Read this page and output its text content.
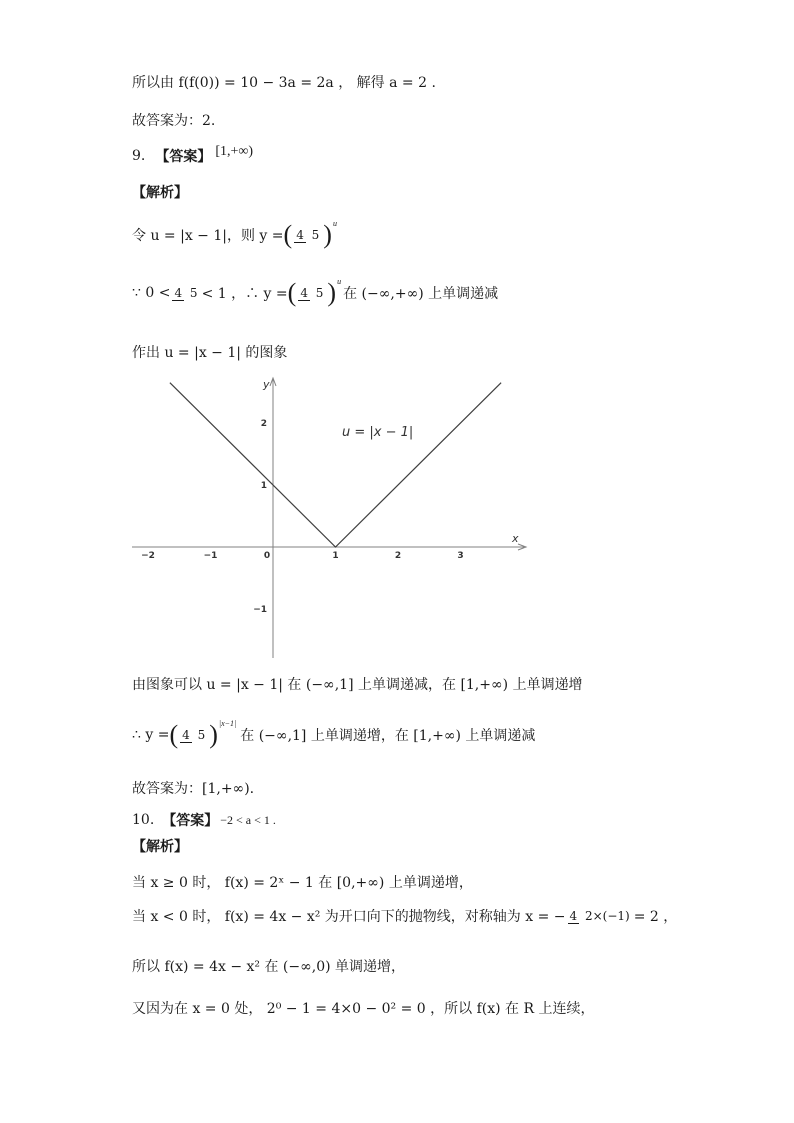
所以由 f(f(0)) = 10 − 3a = 2a ， 解得 a = 2 .
故答案为：2.
9. 【答案】 [1,+∞)
【解析】
令 u = |x − 1|，则 y = ( 4 5 ) u
∵ 0 < 4 5 < 1 ，∴ y = ( 4 5 ) u
在 (−∞,+∞) 上单调递减
作出 u = |x − 1| 的图象
x
y
−2	−1	0	1	2	3
2
1
−1
u = |x − 1|
由图象可以 u = |x − 1| 在 (−∞,1] 上单调递减，在 [1,+∞) 上单调递增
∴ y = ( 4 5 ) |x−1|
在 (−∞,1] 上单调递增，在 [1,+∞) 上单调递减
故答案为：[1,+∞).
10. 【答案】 −2 < a < 1 .
【解析】
当 x ≥ 0 时， f(x) = 2ˣ − 1 在 [0,+∞) 上单调递增，
当 x < 0 时， f(x) = 4x − x² 为开口向下的抛物线，对称轴为 x = − 4 2×(−1) = 2 ，
所以 f(x) = 4x − x² 在 (−∞,0) 单调递增，
又因为在 x = 0 处， 2⁰ − 1 = 4×0 − 0² = 0 ，所以 f(x) 在 R 上连续，
